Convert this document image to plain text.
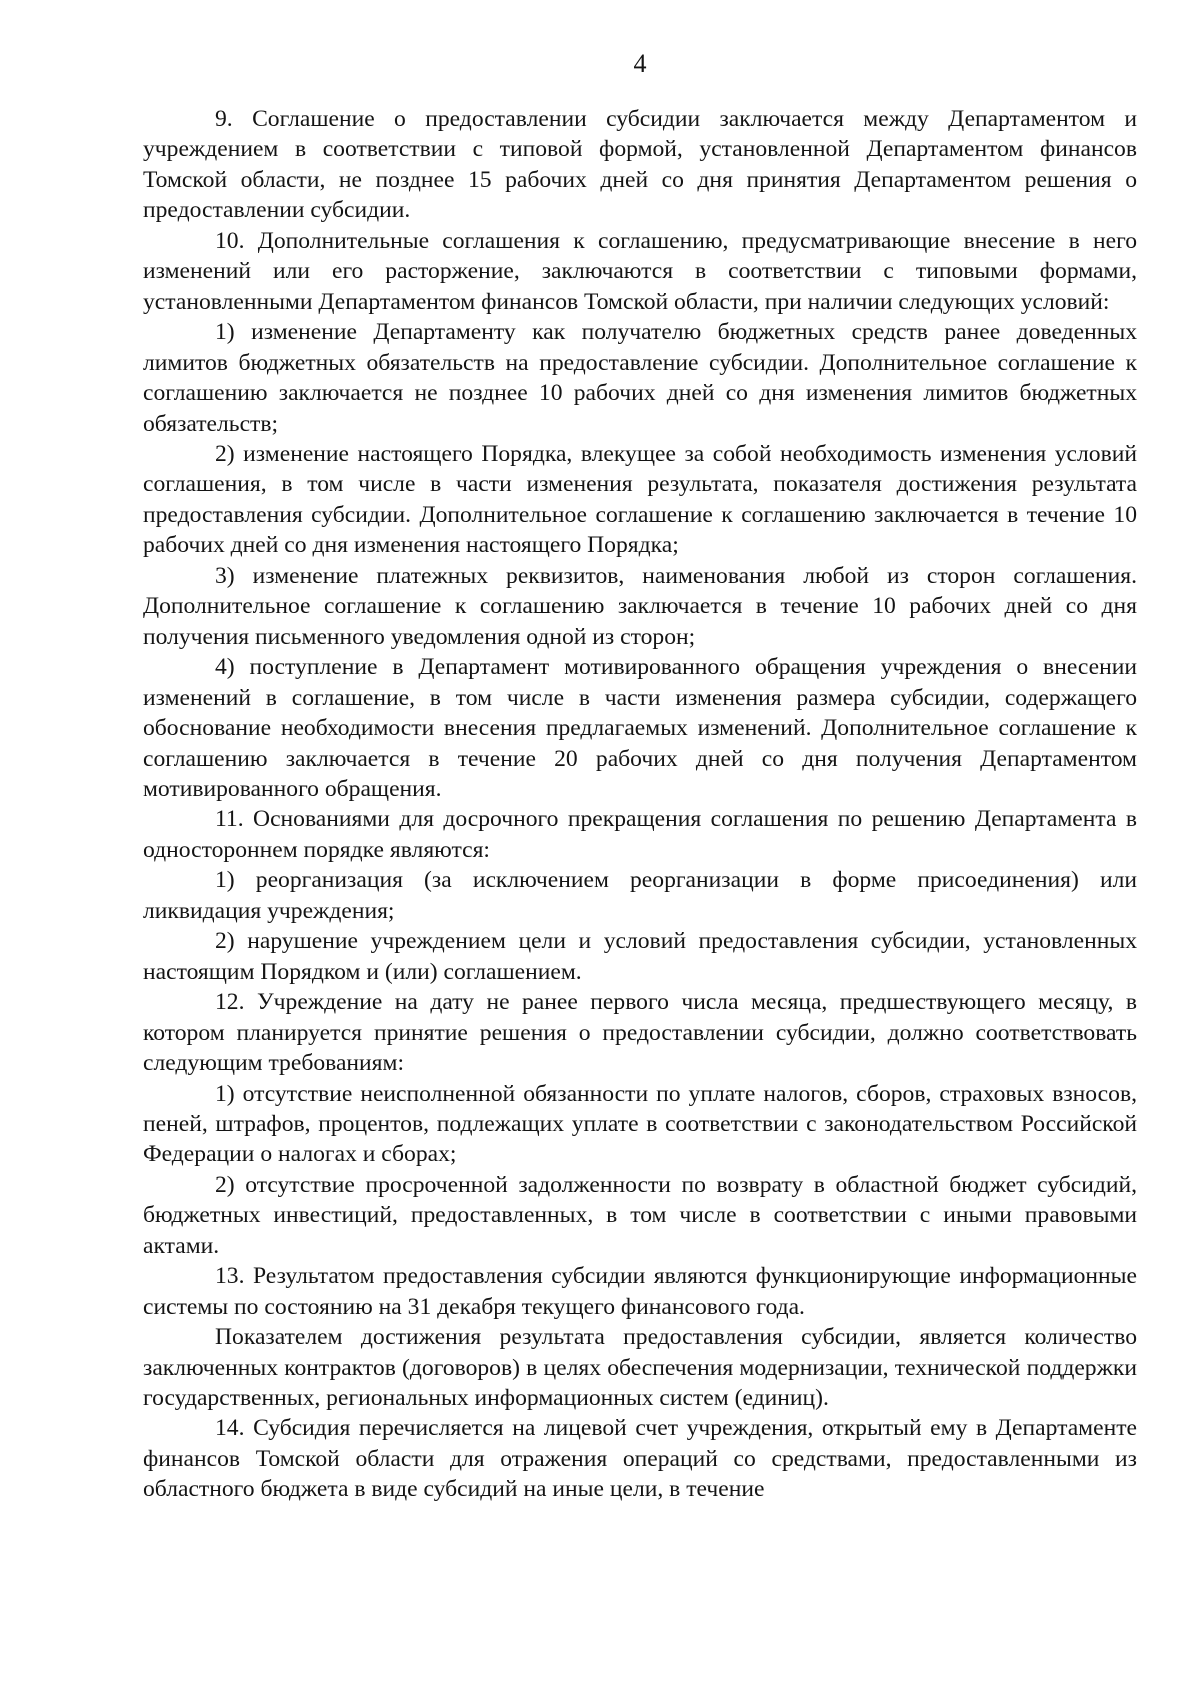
4

9. Соглашение о предоставлении субсидии заключается между Департаментом и учреждением в соответствии с типовой формой, установленной Департаментом финансов Томской области, не позднее 15 рабочих дней со дня принятия Департаментом решения о предоставлении субсидии.

10. Дополнительные соглашения к соглашению, предусматривающие внесение в него изменений или его расторжение, заключаются в соответствии с типовыми формами, установленными Департаментом финансов Томской области, при наличии следующих условий:

1) изменение Департаменту как получателю бюджетных средств ранее доведенных лимитов бюджетных обязательств на предоставление субсидии. Дополнительное соглашение к соглашению заключается не позднее 10 рабочих дней со дня изменения лимитов бюджетных обязательств;

2) изменение настоящего Порядка, влекущее за собой необходимость изменения условий соглашения, в том числе в части изменения результата, показателя достижения результата предоставления субсидии. Дополнительное соглашение к соглашению заключается в течение 10 рабочих дней со дня изменения настоящего Порядка;

3) изменение платежных реквизитов, наименования любой из сторон соглашения. Дополнительное соглашение к соглашению заключается в течение 10 рабочих дней со дня получения письменного уведомления одной из сторон;

4) поступление в Департамент мотивированного обращения учреждения о внесении изменений в соглашение, в том числе в части изменения размера субсидии, содержащего обоснование необходимости внесения предлагаемых изменений. Дополнительное соглашение к соглашению заключается в течение 20 рабочих дней со дня получения Департаментом мотивированного обращения.

11. Основаниями для досрочного прекращения соглашения по решению Департамента в одностороннем порядке являются:

1) реорганизация (за исключением реорганизации в форме присоединения) или ликвидация учреждения;

2) нарушение учреждением цели и условий предоставления субсидии, установленных настоящим Порядком и (или) соглашением.

12. Учреждение на дату не ранее первого числа месяца, предшествующего месяцу, в котором планируется принятие решения о предоставлении субсидии, должно соответствовать следующим требованиям:

1) отсутствие неисполненной обязанности по уплате налогов, сборов, страховых взносов, пеней, штрафов, процентов, подлежащих уплате в соответствии с законодательством Российской Федерации о налогах и сборах;

2) отсутствие просроченной задолженности по возврату в областной бюджет субсидий, бюджетных инвестиций, предоставленных, в том числе в соответствии с иными правовыми актами.

13. Результатом предоставления субсидии являются функционирующие информационные системы по состоянию на 31 декабря текущего финансового года.

Показателем достижения результата предоставления субсидии, является количество заключенных контрактов (договоров) в целях обеспечения модернизации, технической поддержки государственных, региональных информационных систем (единиц).

14. Субсидия перечисляется на лицевой счет учреждения, открытый ему в Департаменте финансов Томской области для отражения операций со средствами, предоставленными из областного бюджета в виде субсидий на иные цели, в течение
